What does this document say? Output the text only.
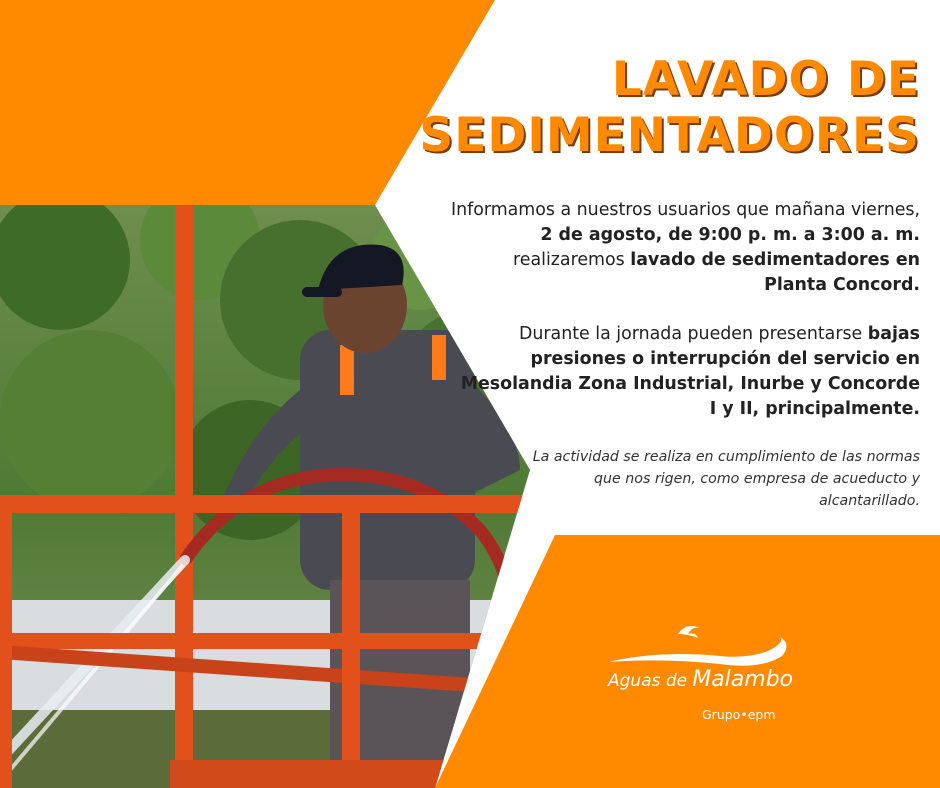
LAVADO DE
SEDIMENTADORES

Informamos a nuestros usuarios que mañana viernes, 2 de agosto, de 9:00 p. m. a 3:00 a. m. realizaremos lavado de sedimentadores en Planta Concord.

Durante la jornada pueden presentarse bajas presiones o interrupción del servicio en Mesolandia Zona Industrial, Inurbe y Concorde I y II, principalmente.

La actividad se realiza en cumplimiento de las normas que nos rigen, como empresa de acueducto y alcantarillado.

Aguas de Malambo
Grupo•epm
